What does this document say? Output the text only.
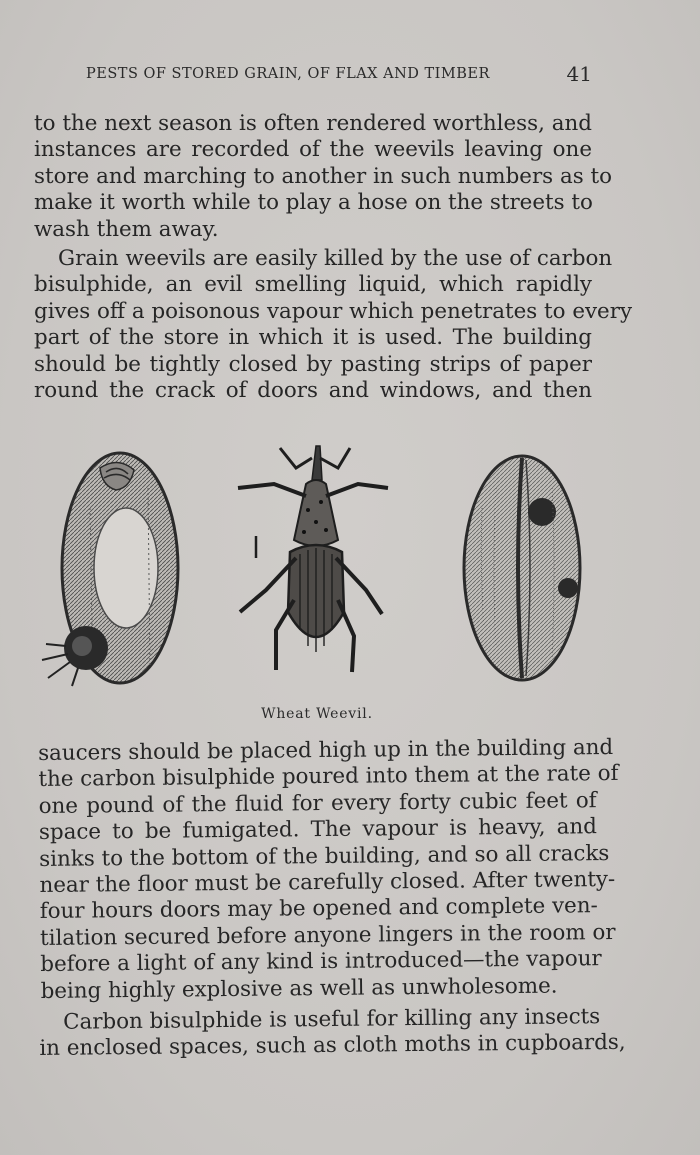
PESTS OF STORED GRAIN, OF FLAX AND TIMBER	41

to the next season is often rendered worthless, and
instances are recorded of the weevils leaving one
store and marching to another in such numbers as to
make it worth while to play a hose on the streets to
wash them away.

Grain weevils are easily killed by the use of carbon
bisulphide, an evil smelling liquid, which rapidly
gives off a poisonous vapour which penetrates to every
part of the store in which it is used. The building
should be tightly closed by pasting strips of paper
round the crack of doors and windows, and then

Wheat Weevil.

saucers should be placed high up in the building and
the carbon bisulphide poured into them at the rate of
one pound of the fluid for every forty cubic feet of
space to be fumigated. The vapour is heavy, and
sinks to the bottom of the building, and so all cracks
near the floor must be carefully closed. After twenty-
four hours doors may be opened and complete ven-
tilation secured before anyone lingers in the room or
before a light of any kind is introduced—the vapour
being highly explosive as well as unwholesome.

Carbon bisulphide is useful for killing any insects
in enclosed spaces, such as cloth moths in cupboards,
